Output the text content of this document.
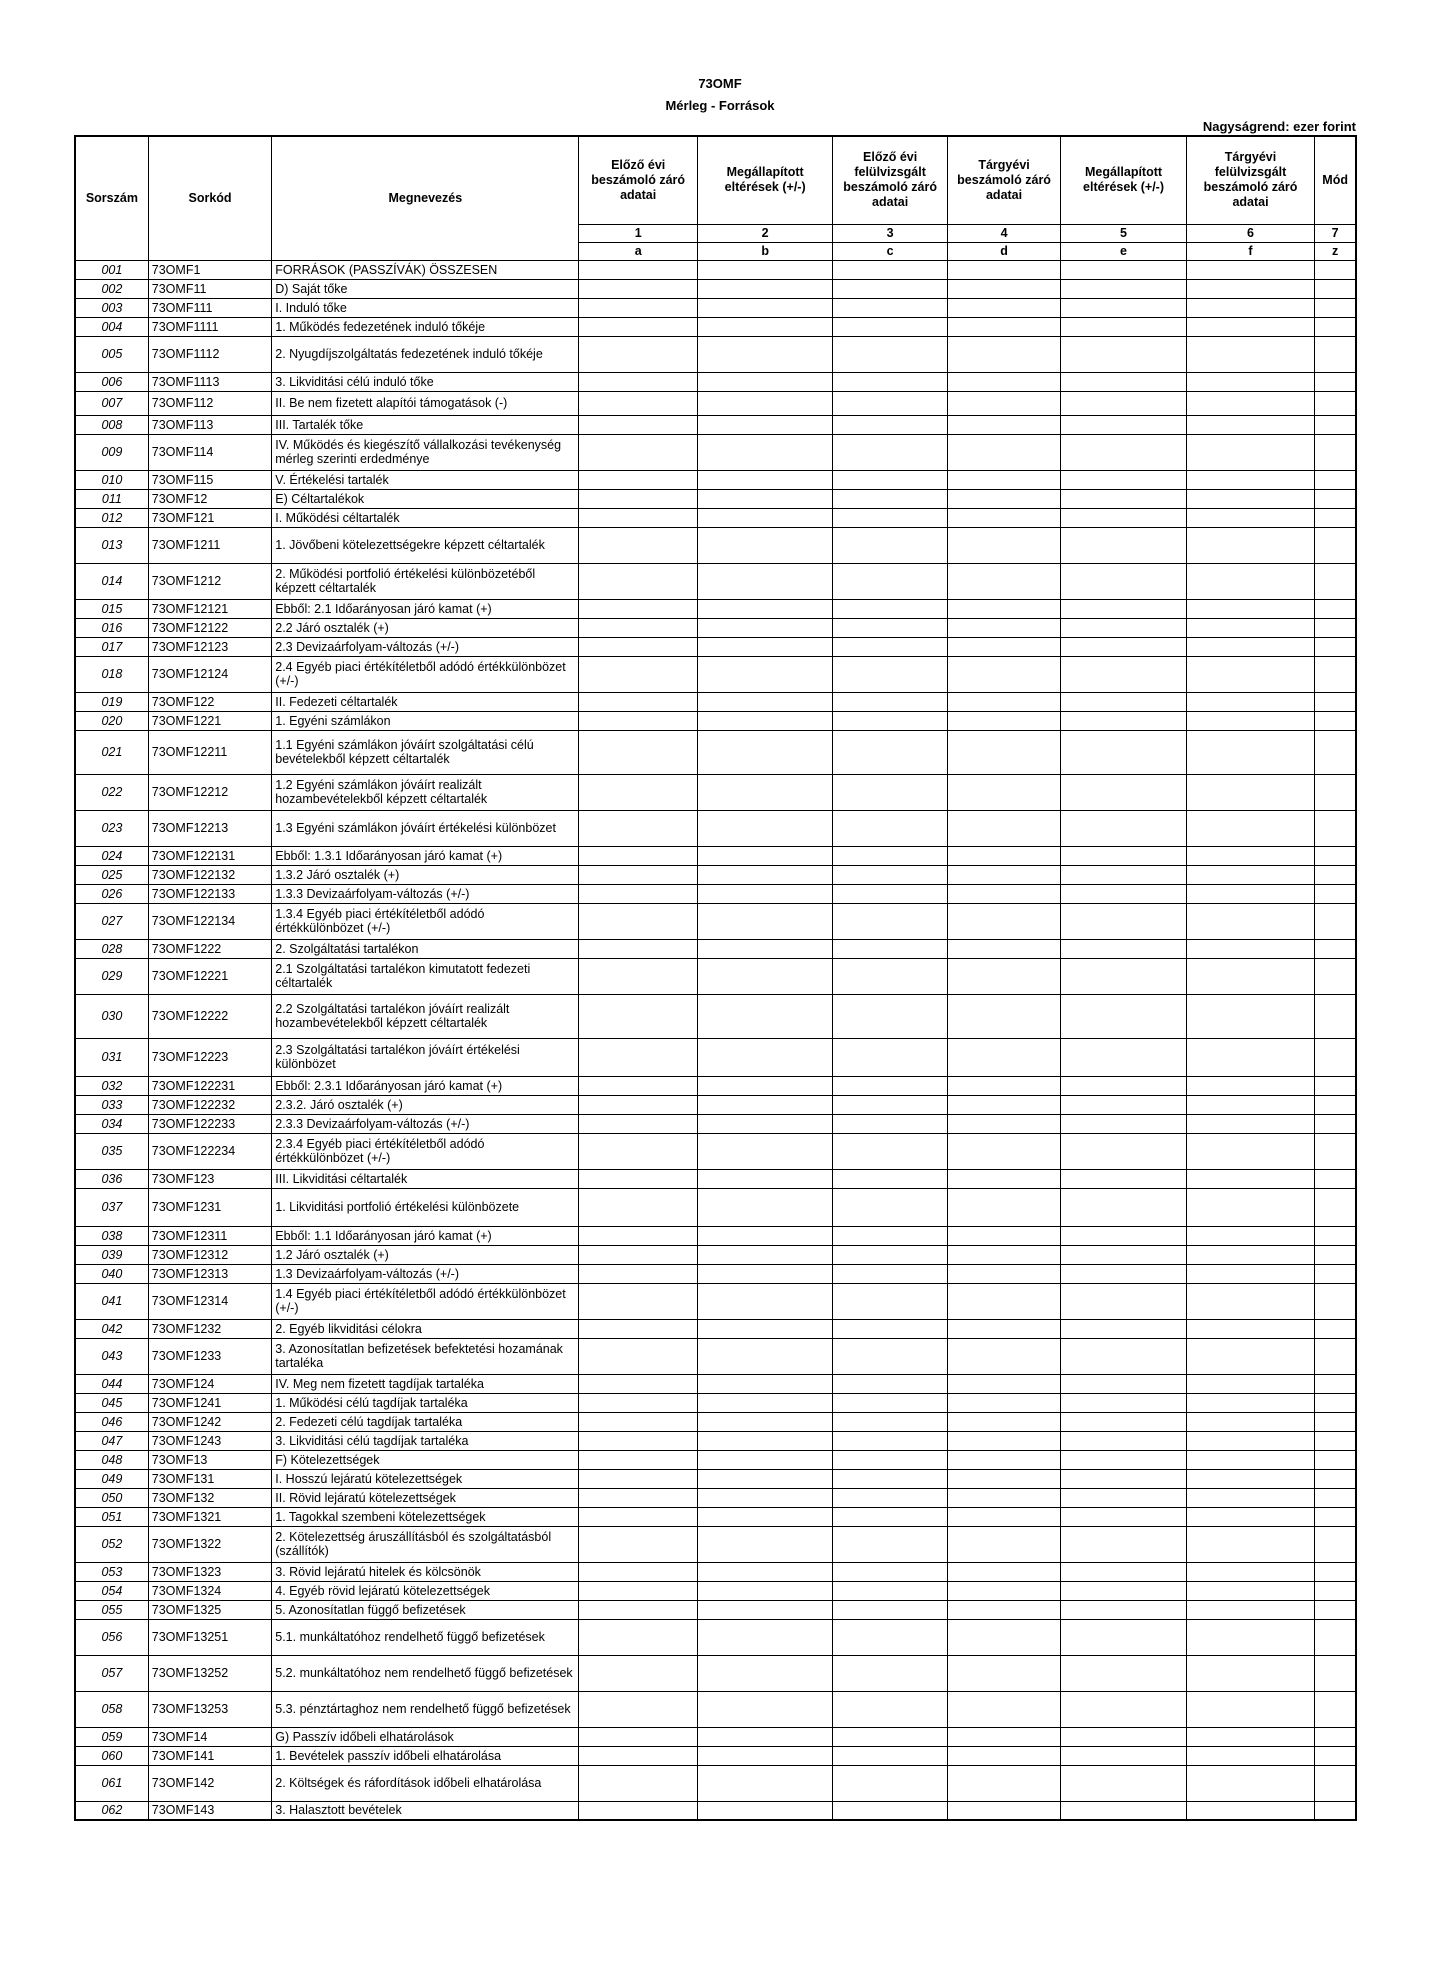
73OMF
Mérleg - Források
Nagyságrend: ezer forint
Sorszám	Sorkód	Megnevezés	Előző évi beszámoló záró adatai	Megállapított eltérések (+/-)	Előző évi felülvizsgált beszámoló záró adatai	Tárgyévi beszámoló záró adatai	Megállapított eltérések (+/-)	Tárgyévi felülvizsgált beszámoló záró adatai	Mód
			1	2	3	4	5	6	7
			a	b	c	d	e	f	z
001	73OMF1	FORRÁSOK (PASSZÍVÁK) ÖSSZESEN							
002	73OMF11	D) Saját tőke							
003	73OMF111	I. Induló tőke							
004	73OMF1111	1. Működés fedezetének induló tőkéje							
005	73OMF1112	2. Nyugdíjszolgáltatás fedezetének induló tőkéje							
006	73OMF1113	3. Likviditási célú induló tőke							
007	73OMF112	II. Be nem fizetett alapítói támogatások (-)							
008	73OMF113	III. Tartalék tőke							
009	73OMF114	IV. Működés és kiegészítő vállalkozási tevékenység mérleg szerinti erdedménye							
010	73OMF115	V. Értékelési tartalék							
011	73OMF12	E) Céltartalékok							
012	73OMF121	I. Működési céltartalék							
013	73OMF1211	1. Jövőbeni kötelezettségekre képzett céltartalék							
014	73OMF1212	2. Működési portfolió értékelési különbözetéből képzett céltartalék							
015	73OMF12121	Ebből: 2.1 Időarányosan járó kamat (+)							
016	73OMF12122	2.2 Járó osztalék (+)							
017	73OMF12123	2.3 Devizaárfolyam-változás (+/-)							
018	73OMF12124	2.4 Egyéb piaci értékítéletből adódó értékkülönbözet (+/-)							
019	73OMF122	II. Fedezeti céltartalék							
020	73OMF1221	1. Egyéni számlákon							
021	73OMF12211	1.1 Egyéni számlákon jóváírt szolgáltatási célú bevételekből képzett céltartalék							
022	73OMF12212	1.2 Egyéni számlákon jóváírt realizált hozambevételekből képzett céltartalék							
023	73OMF12213	1.3 Egyéni számlákon jóváírt értékelési különbözet							
024	73OMF122131	Ebből: 1.3.1 Időarányosan járó kamat (+)							
025	73OMF122132	1.3.2 Járó osztalék (+)							
026	73OMF122133	1.3.3 Devizaárfolyam-változás (+/-)							
027	73OMF122134	1.3.4 Egyéb piaci értékítéletből adódó értékkülönbözet (+/-)							
028	73OMF1222	2. Szolgáltatási tartalékon							
029	73OMF12221	2.1 Szolgáltatási tartalékon kimutatott fedezeti céltartalék							
030	73OMF12222	2.2 Szolgáltatási tartalékon jóváírt realizált hozambevételekből képzett céltartalék							
031	73OMF12223	2.3 Szolgáltatási tartalékon jóváírt értékelési különbözet							
032	73OMF122231	Ebből: 2.3.1 Időarányosan járó kamat (+)							
033	73OMF122232	2.3.2. Járó osztalék (+)							
034	73OMF122233	2.3.3 Devizaárfolyam-változás (+/-)							
035	73OMF122234	2.3.4 Egyéb piaci értékítéletből adódó értékkülönbözet (+/-)							
036	73OMF123	III. Likviditási céltartalék							
037	73OMF1231	1. Likviditási portfolió értékelési különbözete							
038	73OMF12311	Ebből: 1.1 Időarányosan járó kamat (+)							
039	73OMF12312	1.2 Járó osztalék (+)							
040	73OMF12313	1.3 Devizaárfolyam-változás (+/-)							
041	73OMF12314	1.4 Egyéb piaci értékítéletből adódó értékkülönbözet (+/-)							
042	73OMF1232	2. Egyéb likviditási célokra							
043	73OMF1233	3. Azonosítatlan befizetések befektetési hozamának tartaléka							
044	73OMF124	IV. Meg nem fizetett tagdíjak tartaléka							
045	73OMF1241	1. Működési célú tagdíjak tartaléka							
046	73OMF1242	2. Fedezeti célú tagdíjak tartaléka							
047	73OMF1243	3. Likviditási célú tagdíjak tartaléka							
048	73OMF13	F) Kötelezettségek							
049	73OMF131	I. Hosszú lejáratú kötelezettségek							
050	73OMF132	II. Rövid lejáratú kötelezettségek							
051	73OMF1321	1. Tagokkal szembeni kötelezettségek							
052	73OMF1322	2. Kötelezettség áruszállításból és szolgáltatásból (szállítók)							
053	73OMF1323	3. Rövid lejáratú hitelek és kölcsönök							
054	73OMF1324	4. Egyéb rövid lejáratú kötelezettségek							
055	73OMF1325	5. Azonosítatlan függő befizetések							
056	73OMF13251	5.1. munkáltatóhoz rendelhető függő befizetések							
057	73OMF13252	5.2. munkáltatóhoz nem rendelhető függő befizetések							
058	73OMF13253	5.3. pénztártaghoz nem rendelhető függő befizetések							
059	73OMF14	G) Passzív időbeli elhatárolások							
060	73OMF141	1. Bevételek passzív időbeli elhatárolása							
061	73OMF142	2. Költségek és ráfordítások időbeli elhatárolása							
062	73OMF143	3. Halasztott bevételek							
